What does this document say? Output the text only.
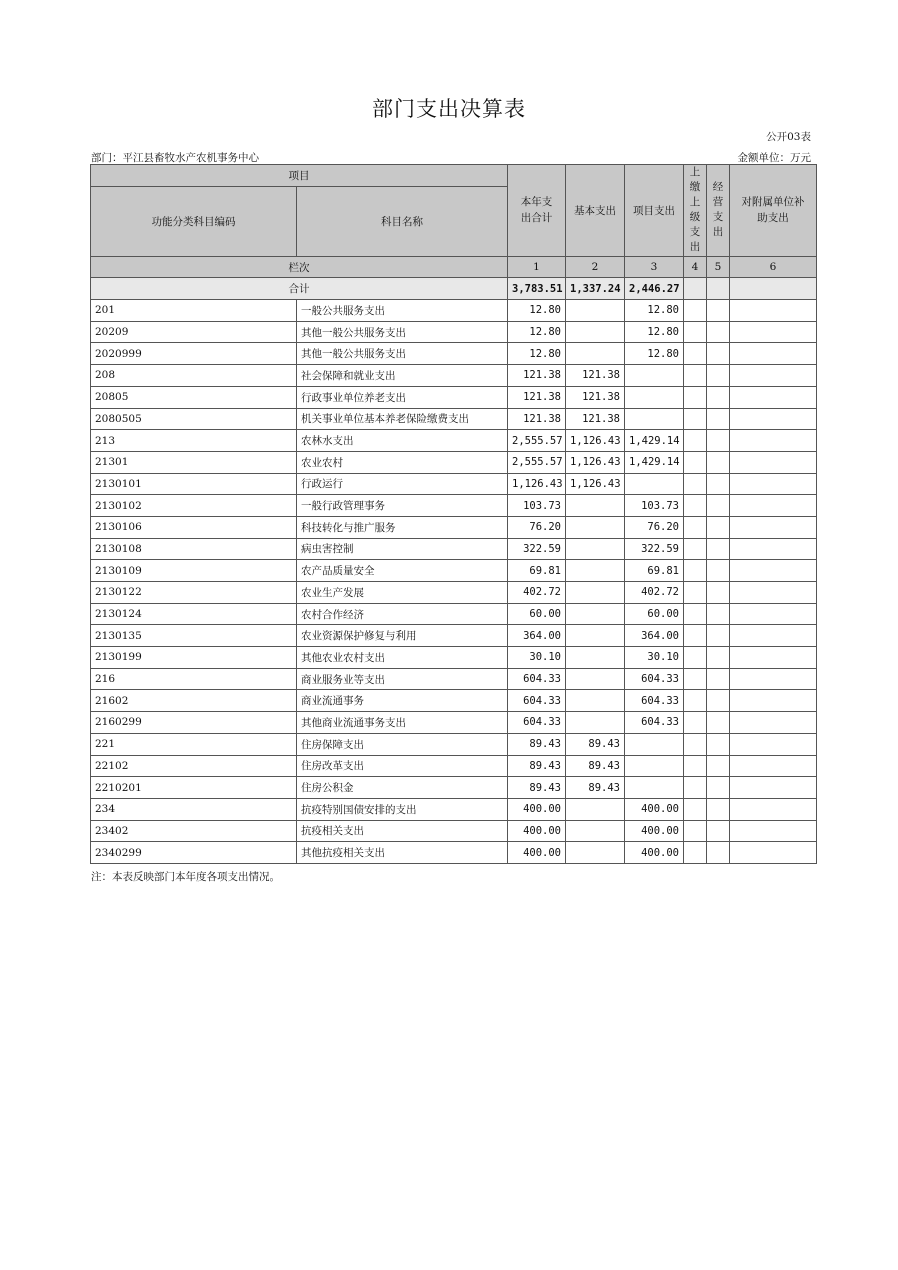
部门支出决算表
公开03表
部门：平江县畜牧水产农机事务中心	金额单位：万元
项目		本年支出合计	基本支出	项目支出	上缴上级支出	经营支出	对附属单位补助支出
功能分类科目编码	科目名称						
栏次		1	2	3	4	5	6
合计		3,783.51	1,337.24	2,446.27			
201	一般公共服务支出	12.80		12.80			
20209	其他一般公共服务支出	12.80		12.80			
2020999	其他一般公共服务支出	12.80		12.80			
208	社会保障和就业支出	121.38	121.38				
20805	行政事业单位养老支出	121.38	121.38				
2080505	机关事业单位基本养老保险缴费支出	121.38	121.38				
213	农林水支出	2,555.57	1,126.43	1,429.14			
21301	农业农村	2,555.57	1,126.43	1,429.14			
2130101	行政运行	1,126.43	1,126.43				
2130102	一般行政管理事务	103.73		103.73			
2130106	科技转化与推广服务	76.20		76.20			
2130108	病虫害控制	322.59		322.59			
2130109	农产品质量安全	69.81		69.81			
2130122	农业生产发展	402.72		402.72			
2130124	农村合作经济	60.00		60.00			
2130135	农业资源保护修复与利用	364.00		364.00			
2130199	其他农业农村支出	30.10		30.10			
216	商业服务业等支出	604.33		604.33			
21602	商业流通事务	604.33		604.33			
2160299	其他商业流通事务支出	604.33		604.33			
221	住房保障支出	89.43	89.43				
22102	住房改革支出	89.43	89.43				
2210201	住房公积金	89.43	89.43				
234	抗疫特别国债安排的支出	400.00		400.00			
23402	抗疫相关支出	400.00		400.00			
2340299	其他抗疫相关支出	400.00		400.00			
注：本表反映部门本年度各项支出情况。
